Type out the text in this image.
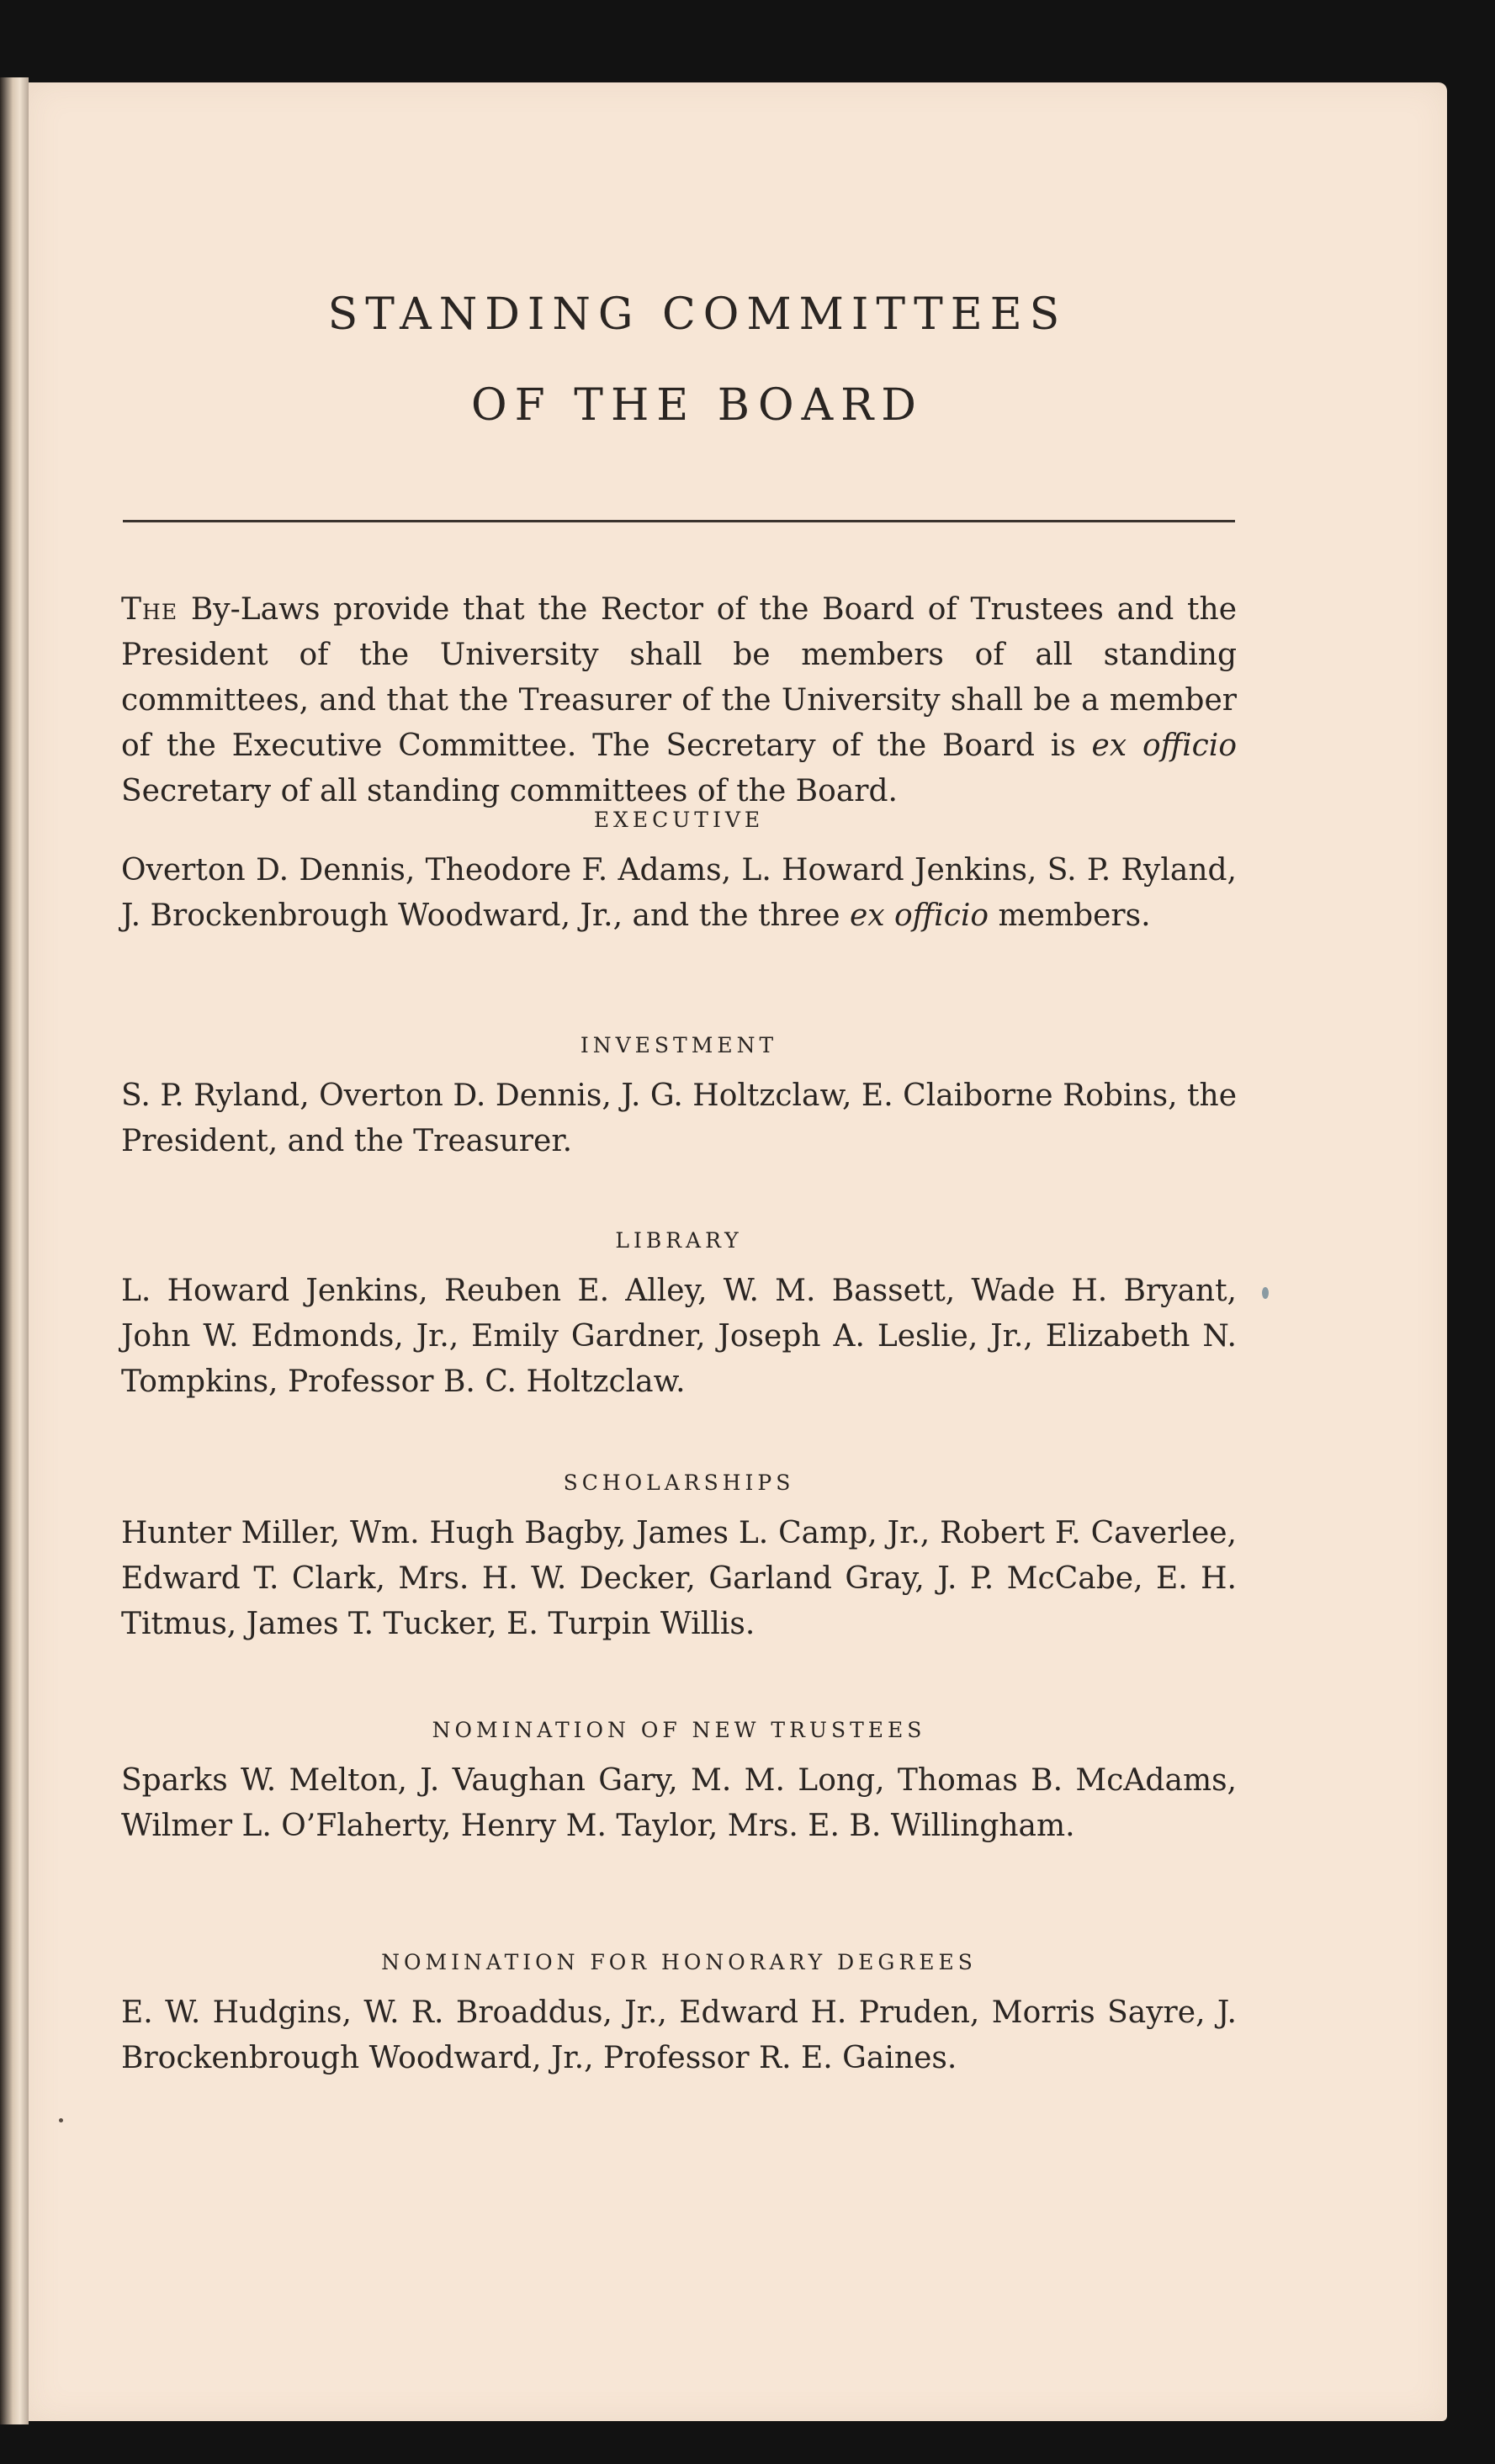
STANDING COMMITTEES
OF THE BOARD

The By-Laws provide that the Rector of the Board of Trustees and the President of the University shall be members of all standing committees, and that the Treasurer of the University shall be a member of the Executive Committee. The Secretary of the Board is ex officio Secretary of all standing committees of the Board.

EXECUTIVE

Overton D. Dennis, Theodore F. Adams, L. Howard Jenkins, S. P. Ryland, J. Brockenbrough Woodward, Jr., and the three ex officio members.

INVESTMENT

S. P. Ryland, Overton D. Dennis, J. G. Holtzclaw, E. Claiborne Robins, the President, and the Treasurer.

LIBRARY

L. Howard Jenkins, Reuben E. Alley, W. M. Bassett, Wade H. Bryant, John W. Edmonds, Jr., Emily Gardner, Joseph A. Leslie, Jr., Elizabeth N. Tompkins, Professor B. C. Holtzclaw.

SCHOLARSHIPS

Hunter Miller, Wm. Hugh Bagby, James L. Camp, Jr., Robert F. Caverlee, Edward T. Clark, Mrs. H. W. Decker, Garland Gray, J. P. McCabe, E. H. Titmus, James T. Tucker, E. Turpin Willis.

NOMINATION OF NEW TRUSTEES

Sparks W. Melton, J. Vaughan Gary, M. M. Long, Thomas B. McAdams, Wilmer L. O’Flaherty, Henry M. Taylor, Mrs. E. B. Willingham.

NOMINATION FOR HONORARY DEGREES

E. W. Hudgins, W. R. Broaddus, Jr., Edward H. Pruden, Morris Sayre, J. Brockenbrough Woodward, Jr., Professor R. E. Gaines.
